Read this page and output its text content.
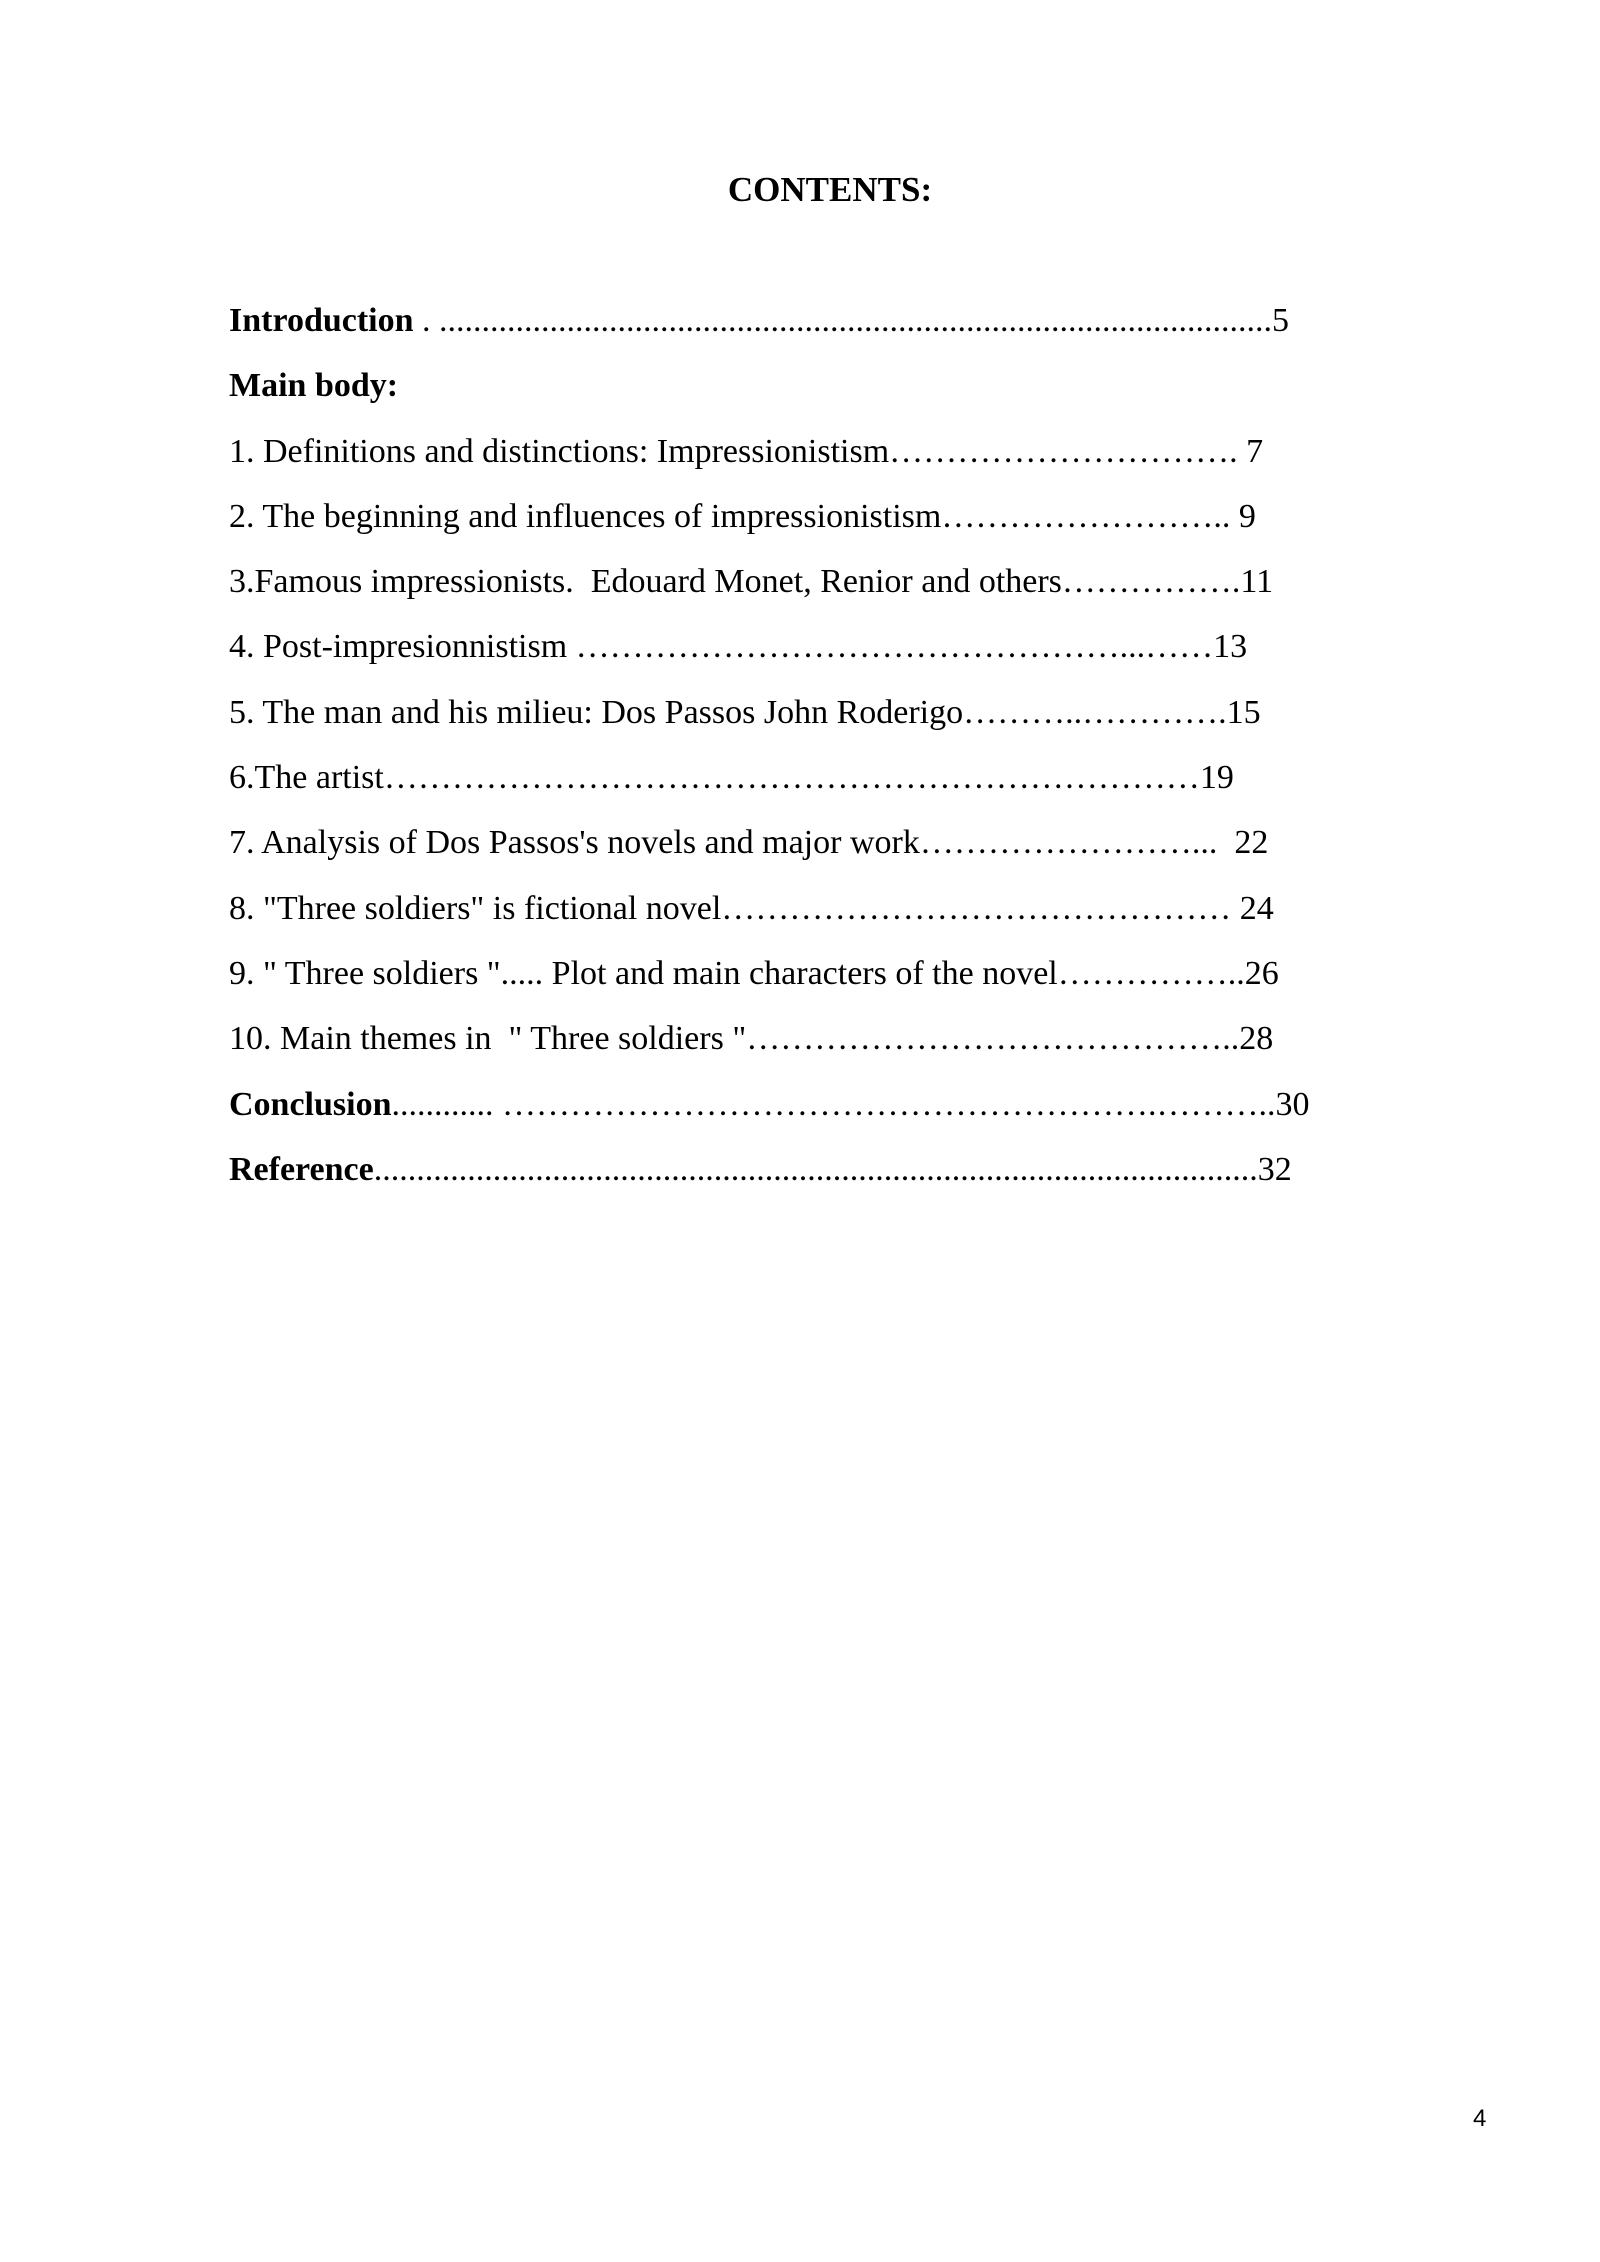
CONTENTS:
Introduction . ..................................................................................................5
Main body:
1. Definitions and distinctions: Impressionistism…………………………. 7
2. The beginning and influences of impressionistism…………………….. 9
3.Famous impressionists.  Edouard Monet, Renior and others…………….11
4. Post-impresionnistism …………………………………………...……13
5. The man and his milieu: Dos Passos John Roderigo………..………….15
6.The artist………………………………………………………………19
7. Analysis of Dos Passos's novels and major work……………………...  22
8. "Three soldiers" is fictional novel……………………………………… 24
9. " Three soldiers "..... Plot and main characters of the novel……………..26
10. Main themes in  " Three soldiers "……………………………………..28
Conclusion............ ………………………………………………….………..30
Reference........................................................................................................32
4
